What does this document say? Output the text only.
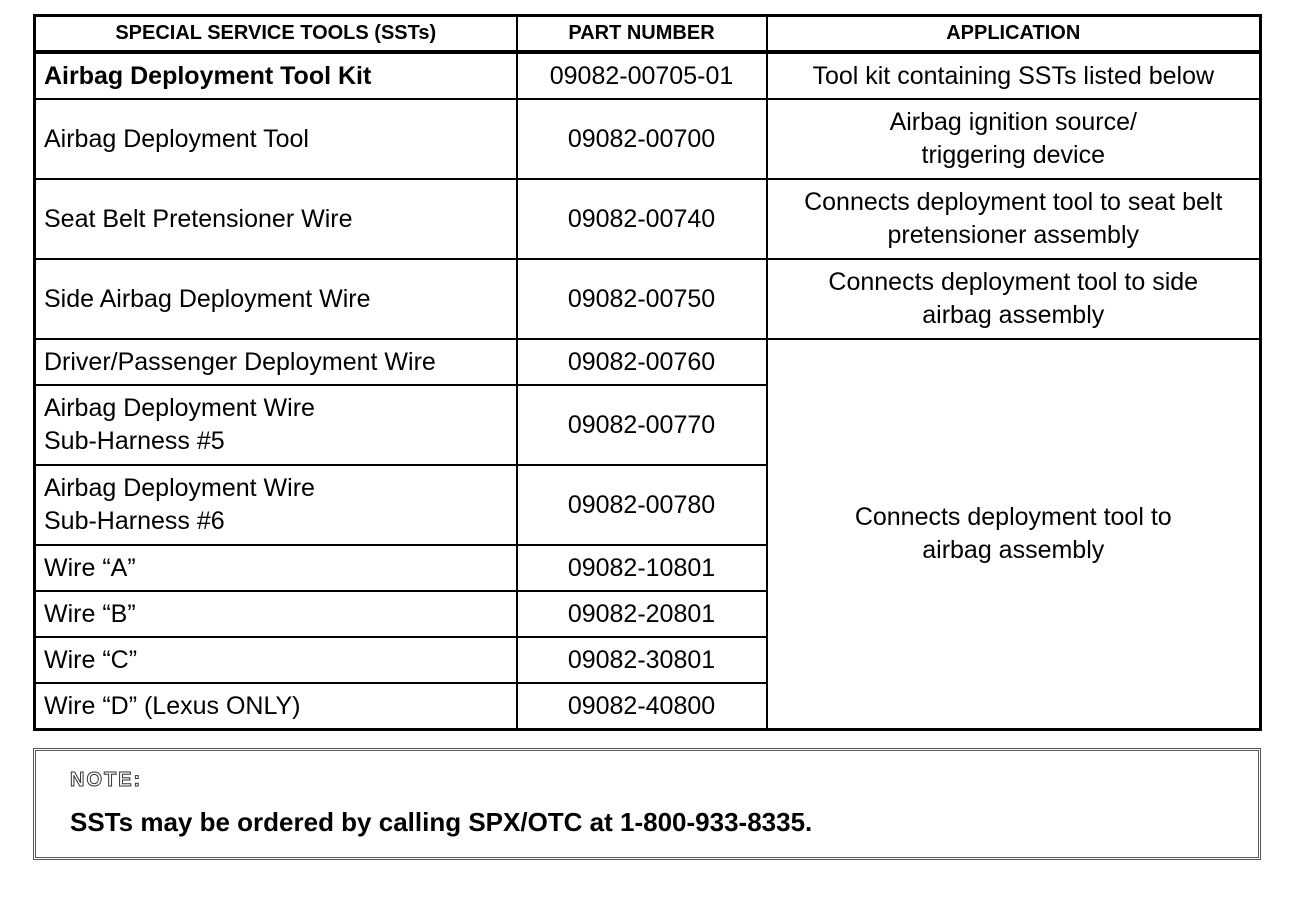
SPECIAL SERVICE TOOLS (SSTs)	PART NUMBER	APPLICATION

Airbag Deployment Tool Kit	09082-00705-01	Tool kit containing SSTs listed below

Airbag Deployment Tool	09082-00700	Airbag ignition source/
triggering device

Seat Belt Pretensioner Wire	09082-00740	Connects deployment tool to seat belt
pretensioner assembly

Side Airbag Deployment Wire	09082-00750	Connects deployment tool to side
airbag assembly

Driver/Passenger Deployment Wire	09082-00760	Connects deployment tool to
airbag assembly

Airbag Deployment Wire
Sub-Harness #5	09082-00770	

Airbag Deployment Wire
Sub-Harness #6	09082-00780	

Wire “A”	09082-10801	

Wire “B”	09082-20801	

Wire “C”	09082-30801	

Wire “D” (Lexus ONLY)	09082-40800	
NOTE:
SSTs may be ordered by calling SPX/OTC at 1-800-933-8335.
